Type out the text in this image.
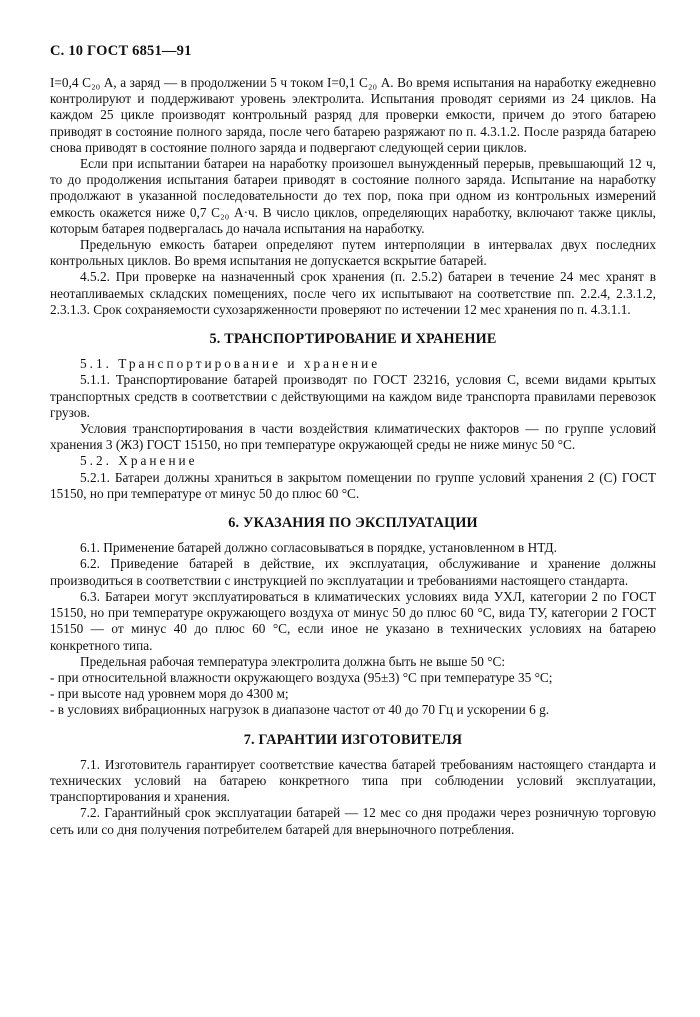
С. 10 ГОСТ 6851—91

I=0,4 C₂₀ А, а заряд — в продолжении 5 ч током I=0,1 C₂₀ А. Во время испытания на наработку ежедневно контролируют и поддерживают уровень электролита. Испытания проводят сериями из 24 циклов. На каждом 25 цикле производят контрольный разряд для проверки емкости, причем до этого батарею приводят в состояние полного заряда, после чего батарею разряжают по п. 4.3.1.2. После разряда батарею снова приводят в состояние полного заряда и подвергают следующей серии циклов.

Если при испытании батареи на наработку произошел вынужденный перерыв, превышающий 12 ч, то до продолжения испытания батареи приводят в состояние полного заряда. Испытание на наработку продолжают в указанной последовательности до тех пор, пока при одном из контрольных измерений емкость окажется ниже 0,7 C₂₀ А·ч. В число циклов, определяющих наработку, включают также циклы, которым батарея подвергалась до начала испытания на наработку.

Предельную емкость батареи определяют путем интерполяции в интервалах двух последних контрольных циклов. Во время испытания не допускается вскрытие батарей.

4.5.2. При проверке на назначенный срок хранения (п. 2.5.2) батареи в течение 24 мес хранят в неотапливаемых складских помещениях, после чего их испытывают на соответствие пп. 2.2.4, 2.3.1.2, 2.3.1.3. Срок сохраняемости сухозаряженности проверяют по истечении 12 мес хранения по п. 4.3.1.1.

5. ТРАНСПОРТИРОВАНИЕ И ХРАНЕНИЕ

5.1. Транспортирование и хранение

5.1.1. Транспортирование батарей производят по ГОСТ 23216, условия С, всеми видами крытых транспортных средств в соответствии с действующими на каждом виде транспорта правилами перевозок грузов.

Условия транспортирования в части воздействия климатических факторов — по группе условий хранения 3 (Ж3) ГОСТ 15150, но при температуре окружающей среды не ниже минус 50 °С.

5.2. Хранение

5.2.1. Батареи должны храниться в закрытом помещении по группе условий хранения 2 (С) ГОСТ 15150, но при температуре от минус 50 до плюс 60 °С.

6. УКАЗАНИЯ ПО ЭКСПЛУАТАЦИИ

6.1. Применение батарей должно согласовываться в порядке, установленном в НТД.

6.2. Приведение батарей в действие, их эксплуатация, обслуживание и хранение должны производиться в соответствии с инструкцией по эксплуатации и требованиями настоящего стандарта.

6.3. Батареи могут эксплуатироваться в климатических условиях вида УХЛ, категории 2 по ГОСТ 15150, но при температуре окружающего воздуха от минус 50 до плюс 60 °С, вида ТУ, категории 2 ГОСТ 15150 — от минус 40 до плюс 60 °С, если иное не указано в технических условиях на батарею конкретного типа.

Предельная рабочая температура электролита должна быть не выше 50 °С:

- при относительной влажности окружающего воздуха (95±3) °С при температуре 35 °С;

- при высоте над уровнем моря до 4300 м;

- в условиях вибрационных нагрузок в диапазоне частот от 40 до 70 Гц и ускорении 6 g.

7. ГАРАНТИИ ИЗГОТОВИТЕЛЯ

7.1. Изготовитель гарантирует соответствие качества батарей требованиям настоящего стандарта и технических условий на батарею конкретного типа при соблюдении условий эксплуатации, транспортирования и хранения.

7.2. Гарантийный срок эксплуатации батарей — 12 мес со дня продажи через розничную торговую сеть или со дня получения потребителем батарей для внерыночного потребления.
